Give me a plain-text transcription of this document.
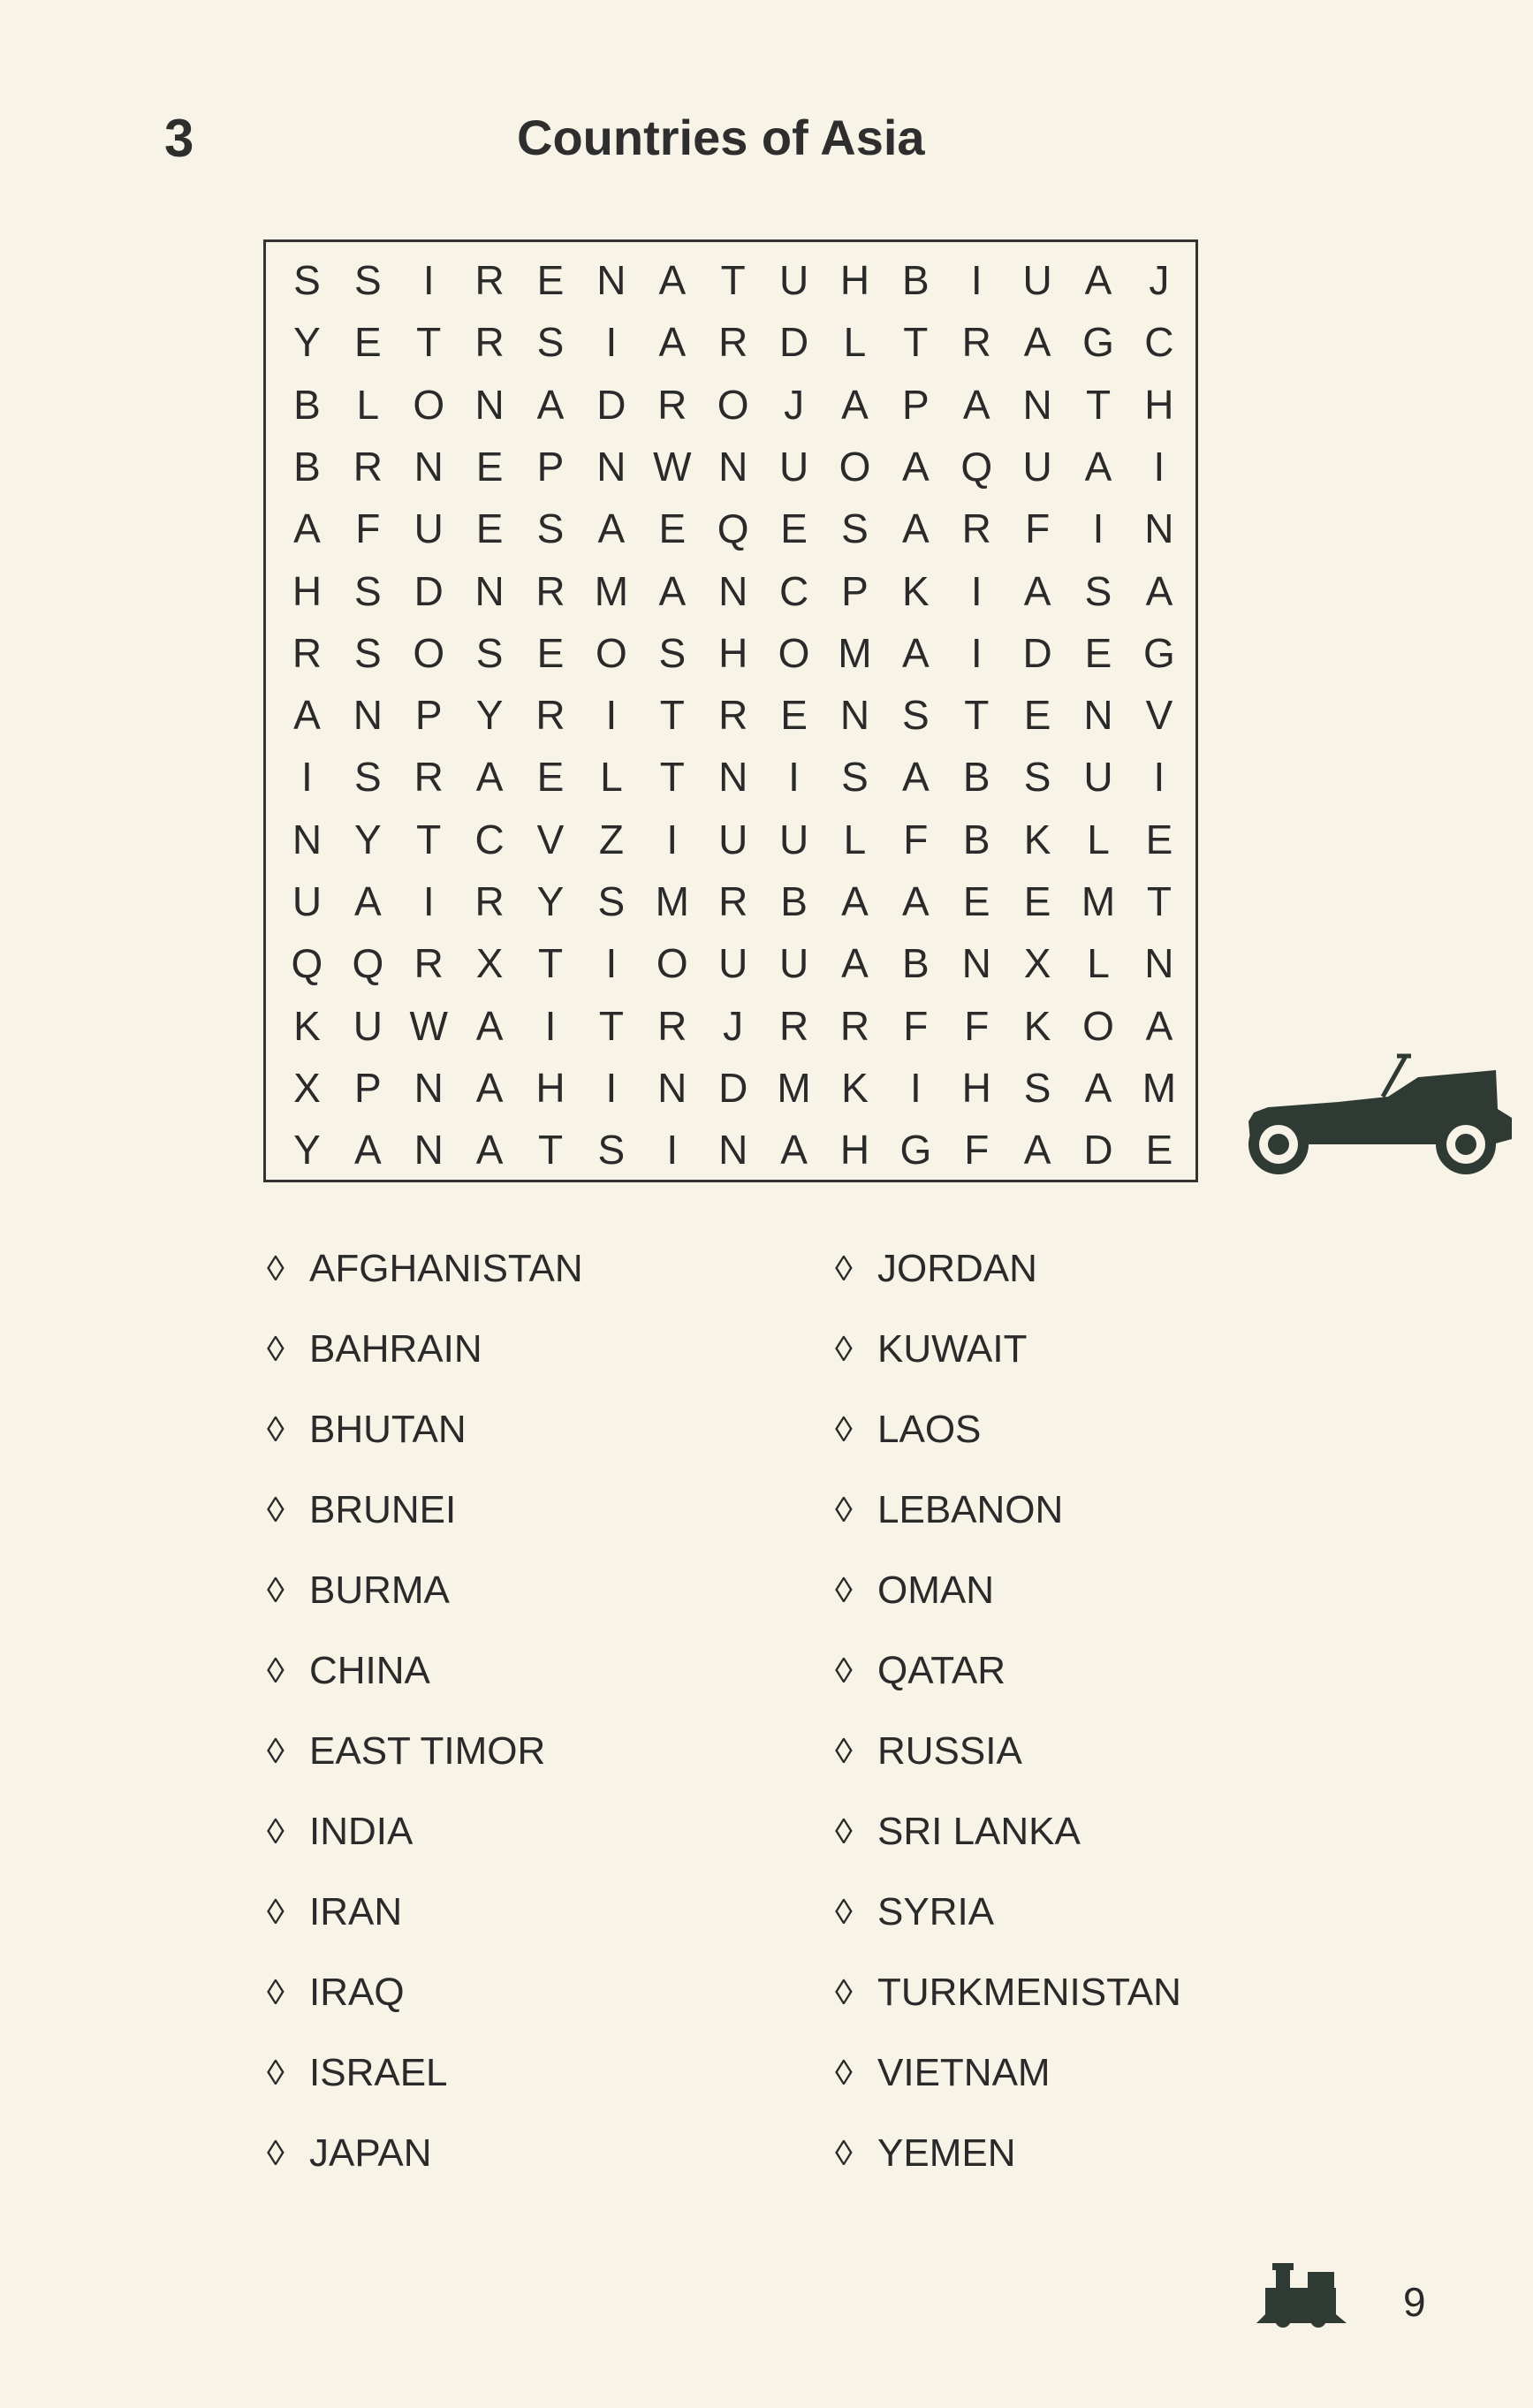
3	Countries of Asia
S S	I R E N A T U H B	I U A J
Y E T R S	I	A R D L T R A G C
B L O N A D R O J A P A N T H
B R N E P N W N U O A Q U A	I
A F U E S A E Q E S A R F	I N
H S D N R M A N C P K	I	A S A
R S O S E O S H O M A	I D E G
A N P Y R I	T R E N S T E N V
I	S R A E L T N I	S A B S U I
N Y T C V Z	I U U L F B K L E
U A	I R Y S M R B A A E E M T
Q Q R X T	I O U U A B N X L N
K U W A	I	T R J R R F F K O A
X P N A H I N D M K	I H S A M
Y A N A T S	I N A H G F A D E
◊ AFGHANISTAN
◊ BAHRAIN
◊ BHUTAN
◊ BRUNEI
◊ BURMA
◊ CHINA
◊ EAST TIMOR
◊ INDIA
◊ IRAN
◊ IRAQ
◊ ISRAEL
◊ JAPAN
◊ JORDAN
◊ KUWAIT
◊ LAOS
◊ LEBANON
◊ OMAN
◊ QATAR
◊ RUSSIA
◊ SRI LANKA
◊ SYRIA
◊ TURKMENISTAN
◊ VIETNAM
◊ YEMEN
9
